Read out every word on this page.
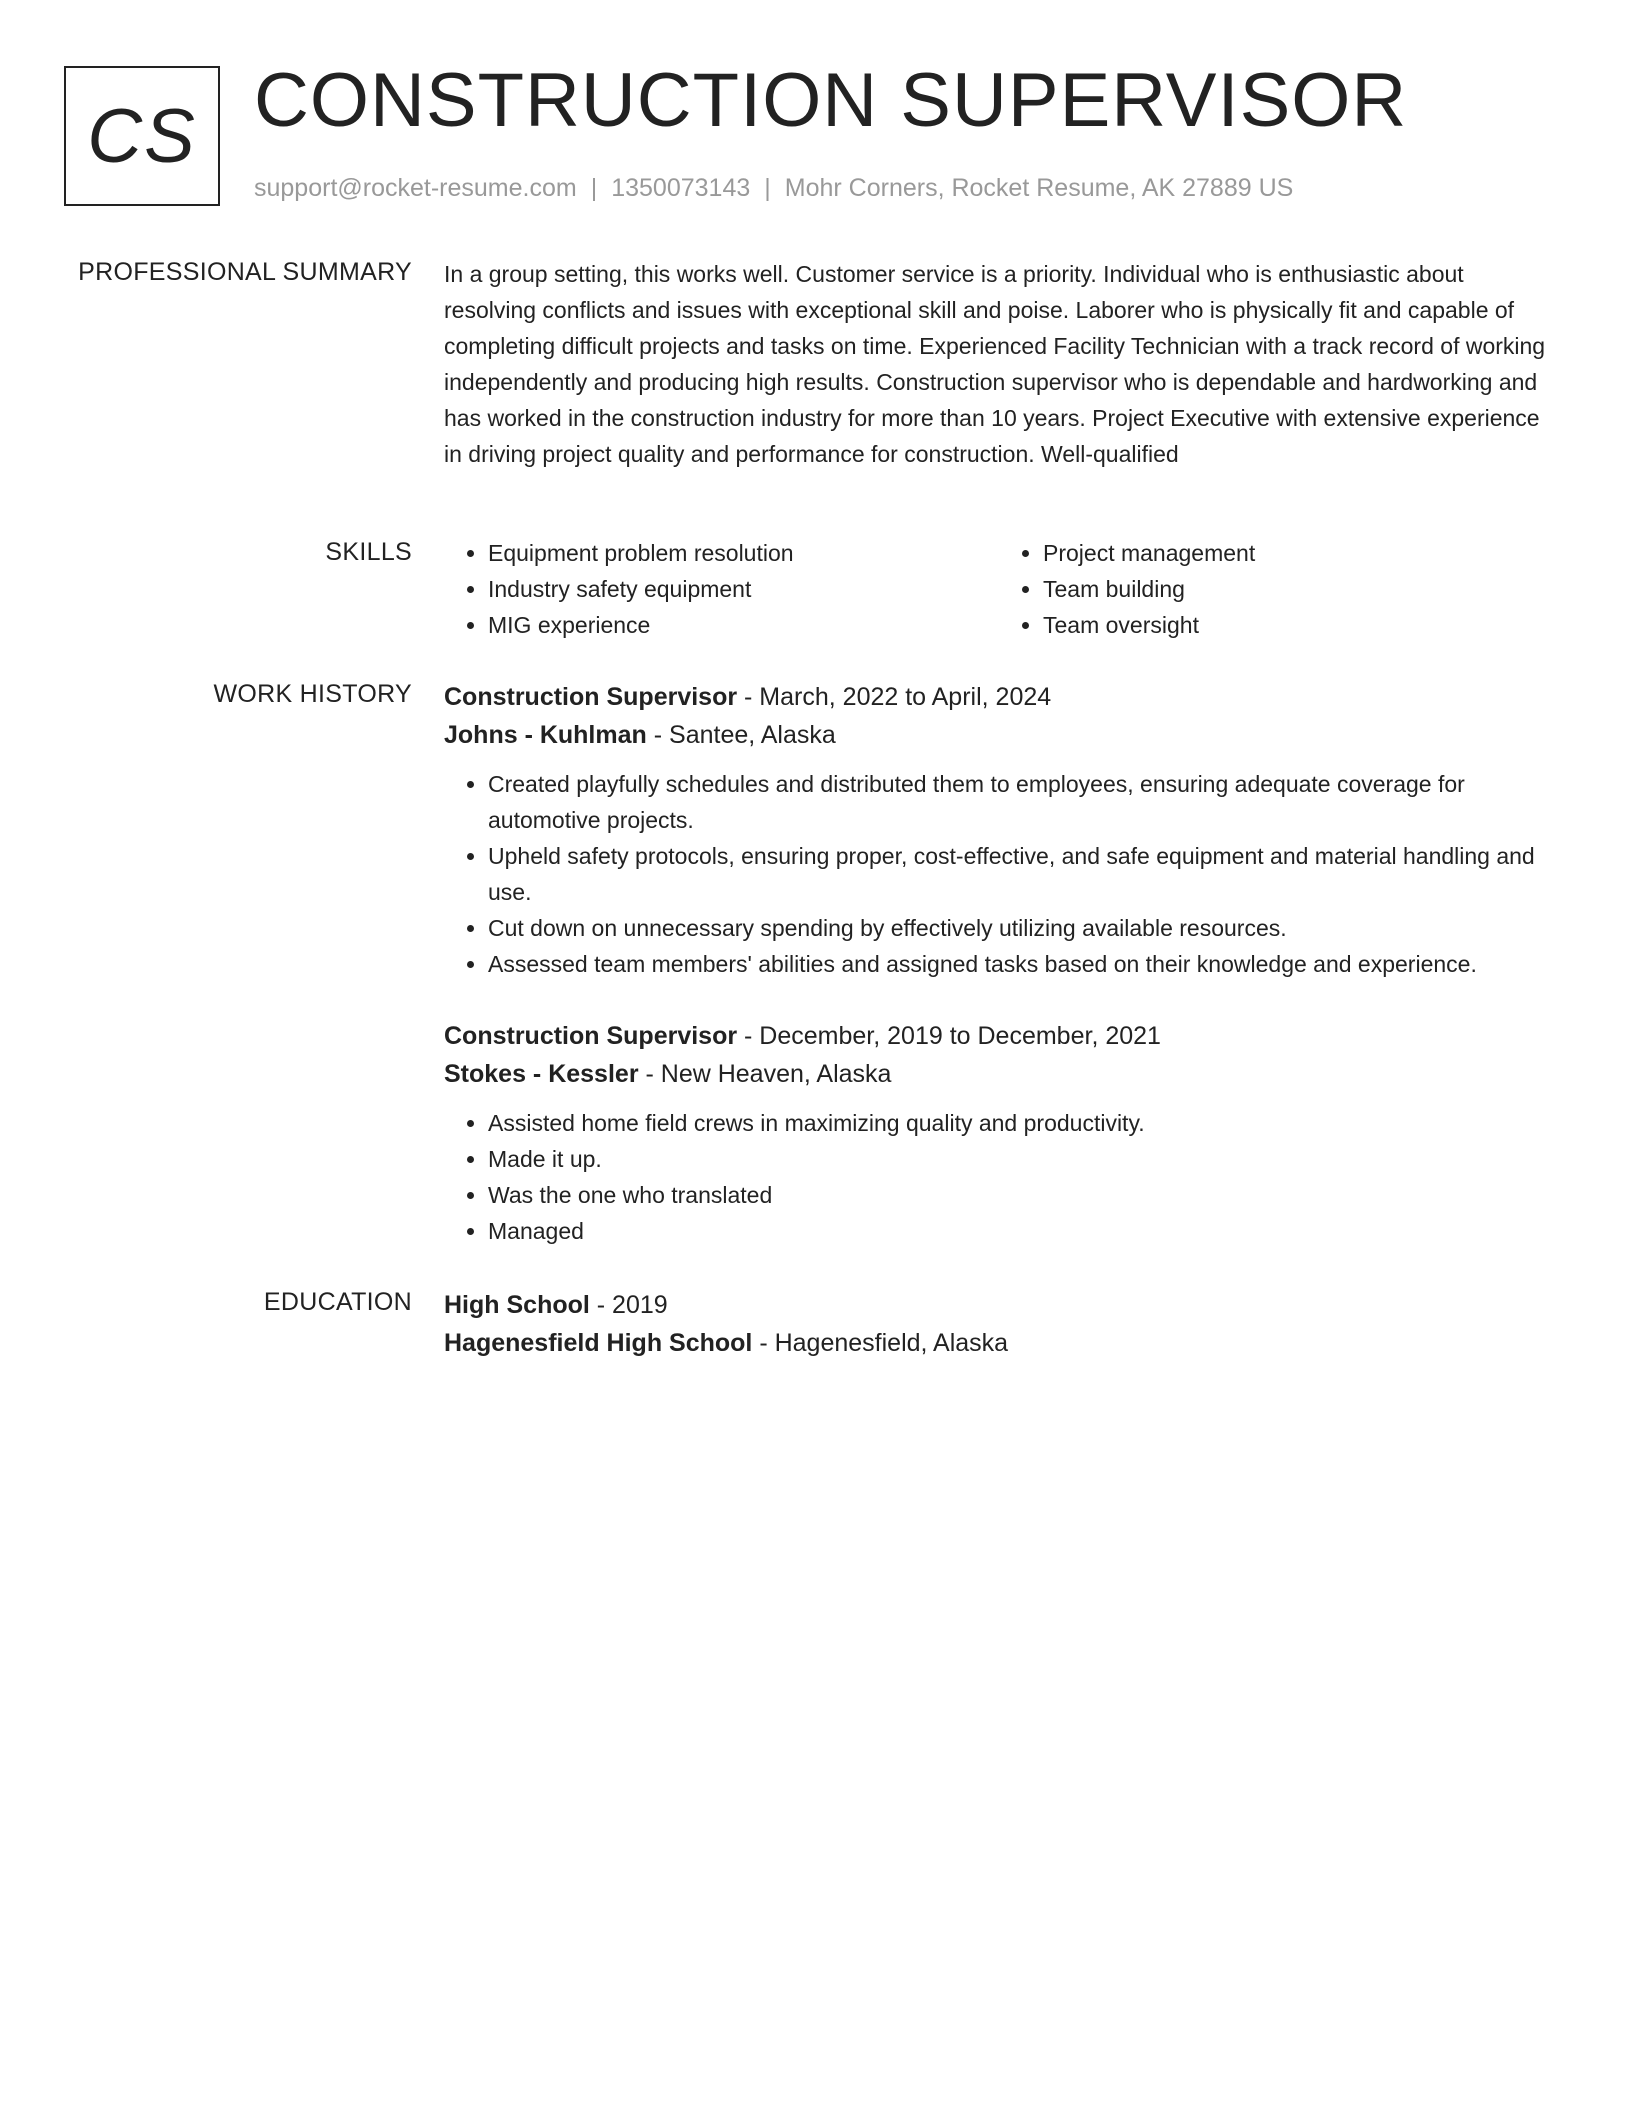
CS CONSTRUCTION SUPERVISOR
support@rocket-resume.com | 1350073143 | Mohr Corners, Rocket Resume, AK 27889 US
PROFESSIONAL SUMMARY In a group setting, this works well. Customer service is a priority. Individual who is enthusiastic about resolving conflicts and issues with exceptional skill and poise. Laborer who is physically fit and capable of completing difficult projects and tasks on time. Experienced Facility Technician with a track record of working independently and producing high results. Construction supervisor who is dependable and hardworking and has worked in the construction industry for more than 10 years. Project Executive with extensive experience in driving project quality and performance for construction. Well-qualified

SKILLS
•	Equipment problem resolution
• Industry safety equipment
• MIG experience
• Project management
• Team building
• Team oversight
WORK HISTORY Construction Supervisor - March, 2022 to April, 2024
Johns - Kuhlman - Santee, Alaska
• Created playfully schedules and distributed them to employees, ensuring adequate coverage for automotive projects.
• Upheld safety protocols, ensuring proper, cost-effective, and safe equipment and material handling and use.
• Cut down on unnecessary spending by effectively utilizing available resources.
• Assessed team members' abilities and assigned tasks based on their knowledge and experience.
Construction Supervisor - December, 2019 to December, 2021
Stokes - Kessler - New Heaven, Alaska
• Assisted home field crews in maximizing quality and productivity.
• Made it up.
• Was the one who translated
• Managed
EDUCATION High School - 2019
Hagenesfield High School - Hagenesfield, Alaska
